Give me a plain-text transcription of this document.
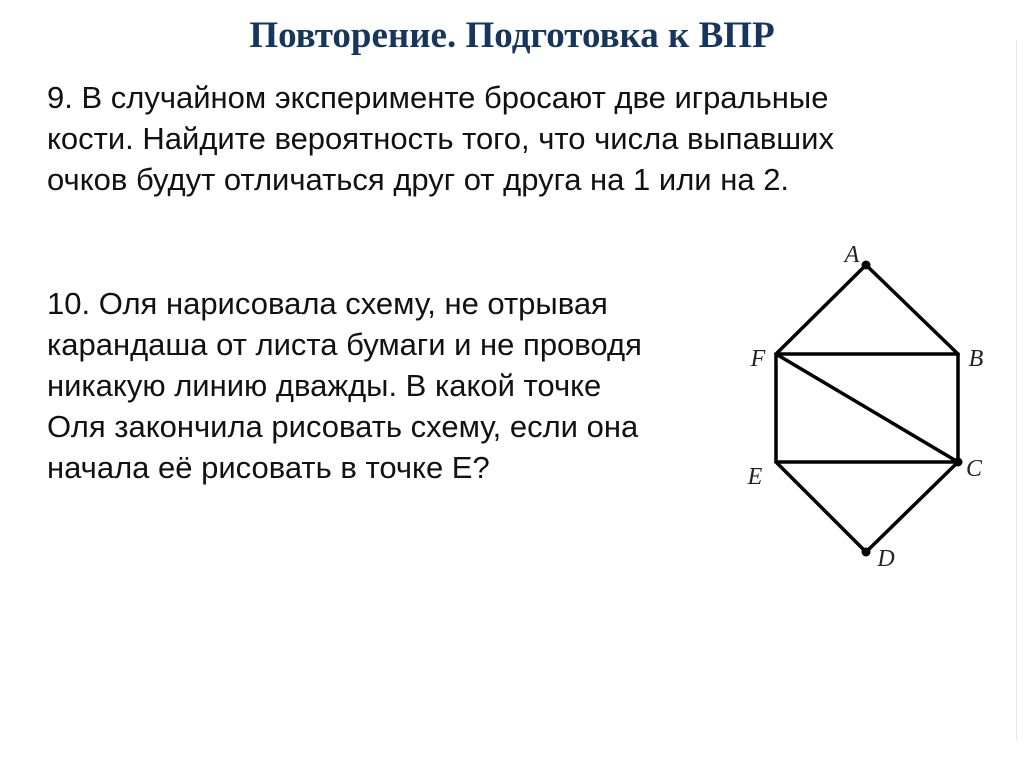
Повторение. Подготовка к ВПР
9. В случайном эксперименте бросают две игральные
кости. Найдите вероятность того, что числа выпавших
очков будут отличаться друг от друга на 1 или на 2.
10. Оля нарисовала схему, не отрывая
карандаша от листа бумаги и не проводя
никакую линию дважды. В какой точке
Оля закончила рисовать схему, если она
начала её рисовать в точке E?
A
B
C
D
E
F
